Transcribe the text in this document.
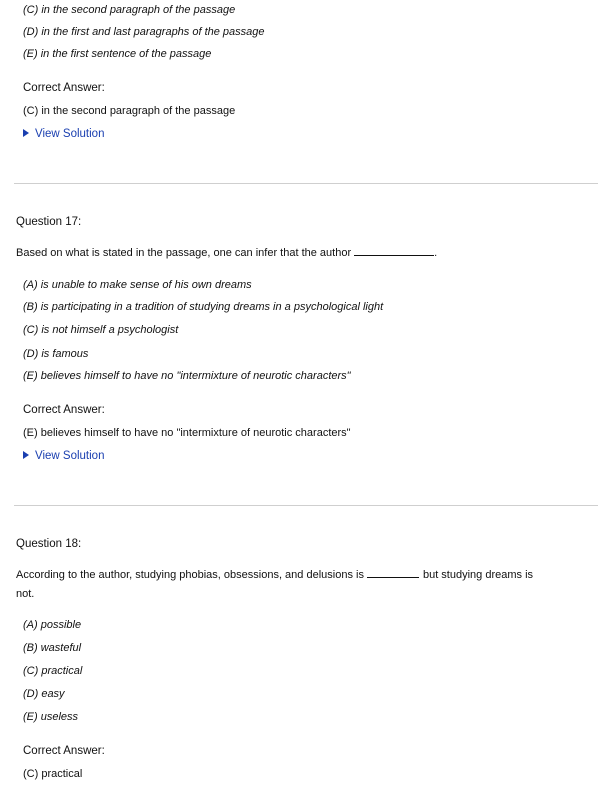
(C) in the second paragraph of the passage
(D) in the first and last paragraphs of the passage
(E) in the first sentence of the passage
Correct Answer:
(C) in the second paragraph of the passage
View Solution
Question 17:
Based on what is stated in the passage, one can infer that the author	.
(A) is unable to make sense of his own dreams
(B) is participating in a tradition of studying dreams in a psychological light
(C) is not himself a psychologist
(D) is famous
(E) believes himself to have no "intermixture of neurotic characters"
Correct Answer:
(E) believes himself to have no "intermixture of neurotic characters"
View Solution
Question 18:
According to the author, studying phobias, obsessions, and delusions is	but studying dreams is
not.
(A) possible
(B) wasteful
(C) practical
(D) easy
(E) useless
Correct Answer:
(C) practical
